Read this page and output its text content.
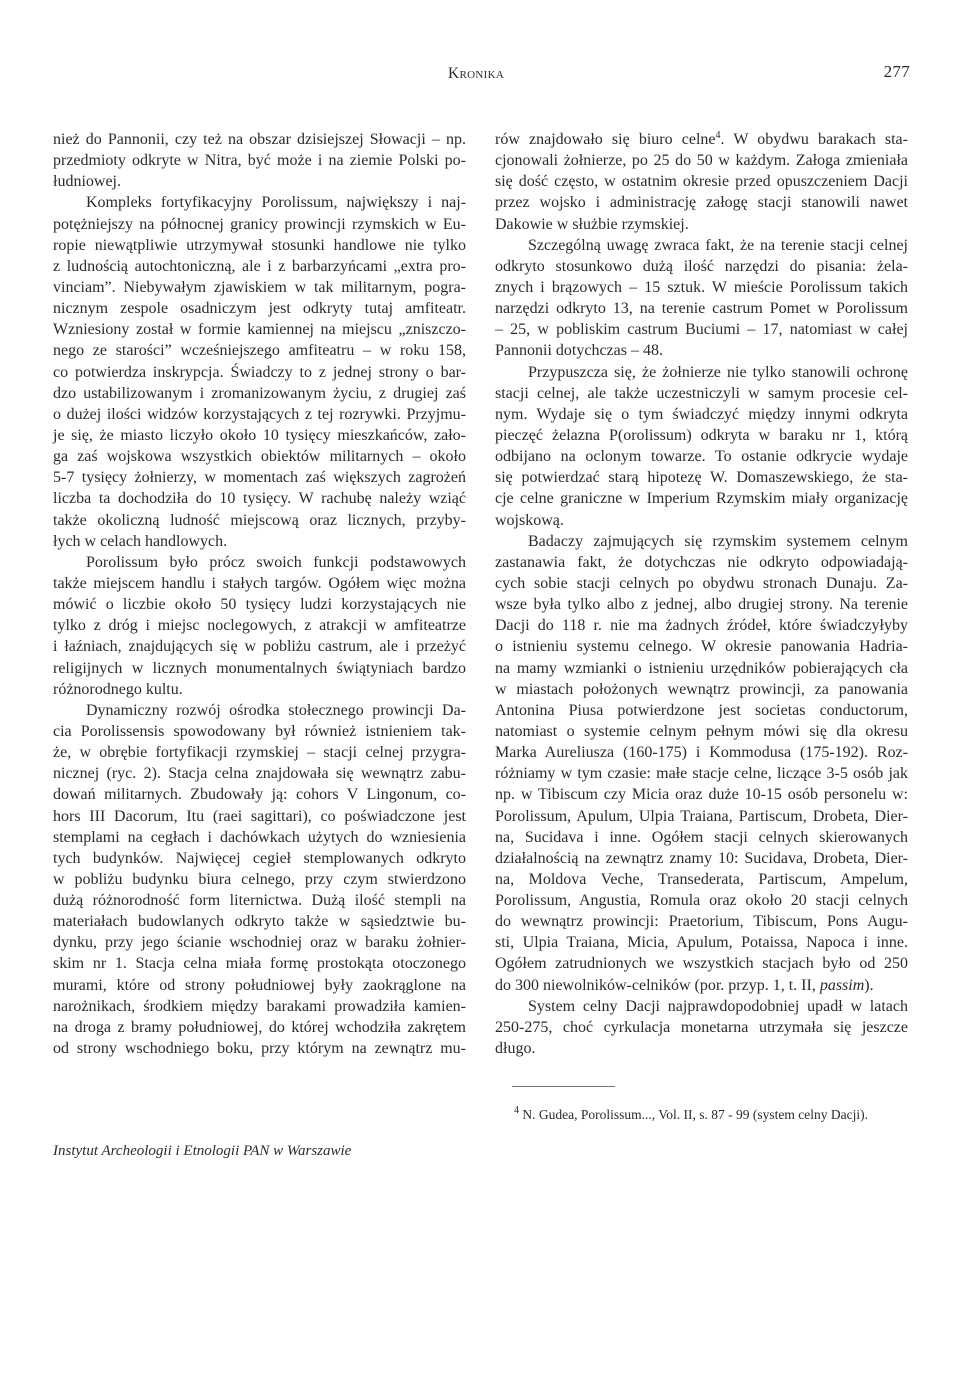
Kronika	277
nież do Pannonii, czy też na obszar dzisiejszej Słowacji – np.
przedmioty odkryte w Nitra, być może i na ziemie Polski po-
łudniowej.
Kompleks fortyfikacyjny Porolissum, największy i naj-
potężniejszy na północnej granicy prowincji rzymskich w Eu-
ropie niewątpliwie utrzymywał stosunki handlowe nie tylko
z ludnością autochtoniczną, ale i z barbarzyńcami „extra pro-
vinciam”. Niebywałym zjawiskiem w tak militarnym, pogra-
nicznym zespole osadniczym jest odkryty tutaj amfiteatr.
Wzniesiony został w formie kamiennej na miejscu „zniszczo-
nego ze starości” wcześniejszego amfiteatru – w roku 158,
co potwierdza inskrypcja. Świadczy to z jednej strony o bar-
dzo ustabilizowanym i zromanizowanym życiu, z drugiej zaś
o dużej ilości widzów korzystających z tej rozrywki. Przyjmu-
je się, że miasto liczyło około 10 tysięcy mieszkańców, zało-
ga zaś wojskowa wszystkich obiektów militarnych – około
5-7 tysięcy żołnierzy, w momentach zaś większych zagrożeń
liczba ta dochodziła do 10 tysięcy. W rachubę należy wziąć
także okoliczną ludność miejscową oraz licznych, przyby-
łych w celach handlowych.
Porolissum było prócz swoich funkcji podstawowych
także miejscem handlu i stałych targów. Ogółem więc można
mówić o liczbie około 50 tysięcy ludzi korzystających nie
tylko z dróg i miejsc noclegowych, z atrakcji w amfiteatrze
i łaźniach, znajdujących się w pobliżu castrum, ale i przeżyć
religijnych w licznych monumentalnych świątyniach bardzo
różnorodnego kultu.
Dynamiczny rozwój ośrodka stołecznego prowincji Da-
cia Porolissensis spowodowany był również istnieniem tak-
że, w obrębie fortyfikacji rzymskiej – stacji celnej przygra-
nicznej (ryc. 2). Stacja celna znajdowała się wewnątrz zabu-
dowań militarnych. Zbudowały ją: cohors V Lingonum, co-
hors III Dacorum, Itu (raei sagittari), co poświadczone jest
stemplami na cegłach i dachówkach użytych do wzniesienia
tych budynków. Najwięcej cegieł stemplowanych odkryto
w pobliżu budynku biura celnego, przy czym stwierdzono
dużą różnorodność form liternictwa. Dużą ilość stempli na
materiałach budowlanych odkryto także w sąsiedztwie bu-
dynku, przy jego ścianie wschodniej oraz w baraku żołnier-
skim nr 1. Stacja celna miała formę prostokąta otoczonego
murami, które od strony południowej były zaokrąglone na
narożnikach, środkiem między barakami prowadziła kamien-
na droga z bramy południowej, do której wchodziła zakrętem
od strony wschodniego boku, przy którym na zewnątrz mu-
rów znajdowało się biuro celne$^4$. W obydwu barakach sta-
cjonowali żołnierze, po 25 do 50 w każdym. Załoga zmieniała
się dość często, w ostatnim okresie przed opuszczeniem Dacji
przez wojsko i administrację załogę stacji stanowili nawet
Dakowie w służbie rzymskiej.
Szczególną uwagę zwraca fakt, że na terenie stacji celnej
odkryto stosunkowo dużą ilość narzędzi do pisania: żela-
znych i brązowych – 15 sztuk. W mieście Porolissum takich
narzędzi odkryto 13, na terenie castrum Pomet w Porolissum
– 25, w pobliskim castrum Buciumi – 17, natomiast w całej
Pannonii dotychczas – 48.
Przypuszcza się, że żołnierze nie tylko stanowili ochronę
stacji celnej, ale także uczestniczyli w samym procesie cel-
nym. Wydaje się o tym świadczyć między innymi odkryta
pieczęć żelazna P(orolissum) odkryta w baraku nr 1, którą
odbijano na oclonym towarze. To ostanie odkrycie wydaje
się potwierdzać starą hipotezę W. Domaszewskiego, że sta-
cje celne graniczne w Imperium Rzymskim miały organizację
wojskową.
Badaczy zajmujących się rzymskim systemem celnym
zastanawia fakt, że dotychczas nie odkryto odpowiadają-
cych sobie stacji celnych po obydwu stronach Dunaju. Za-
wsze była tylko albo z jednej, albo drugiej strony. Na terenie
Dacji do 118 r. nie ma żadnych źródeł, które świadczyłyby
o istnieniu systemu celnego. W okresie panowania Hadria-
na mamy wzmianki o istnieniu urzędników pobierających cła
w miastach położonych wewnątrz prowincji, za panowania
Antonina Piusa potwierdzone jest societas conductorum,
natomiast o systemie celnym pełnym mówi się dla okresu
Marka Aureliusza (160-175) i Kommodusa (175-192). Roz-
różniamy w tym czasie: małe stacje celne, liczące 3-5 osób jak
np. w Tibiscum czy Micia oraz duże 10-15 osób personelu w:
Porolissum, Apulum, Ulpia Traiana, Partiscum, Drobeta, Dier-
na, Sucidava i inne. Ogółem stacji celnych skierowanych
działalnością na zewnątrz znamy 10: Sucidava, Drobeta, Dier-
na, Moldova Veche, Transederata, Partiscum, Ampelum,
Porolissum, Angustia, Romula oraz około 20 stacji celnych
do wewnątrz prowincji: Praetorium, Tibiscum, Pons Augu-
sti, Ulpia Traiana, Micia, Apulum, Potaissa, Napoca i inne.
Ogółem zatrudnionych we wszystkich stacjach było od 250
do 300 niewolników-celników (por. przyp. 1, t. II, passim).
System celny Dacji najprawdopodobniej upadł w latach
250-275, choć cyrkulacja monetarna utrzymała się jeszcze
długo.
$^4$ N. Gudea, Porolissum..., Vol. II, s. 87 - 99 (system celny Dacji).
Instytut Archeologii i Etnologii PAN w Warszawie
